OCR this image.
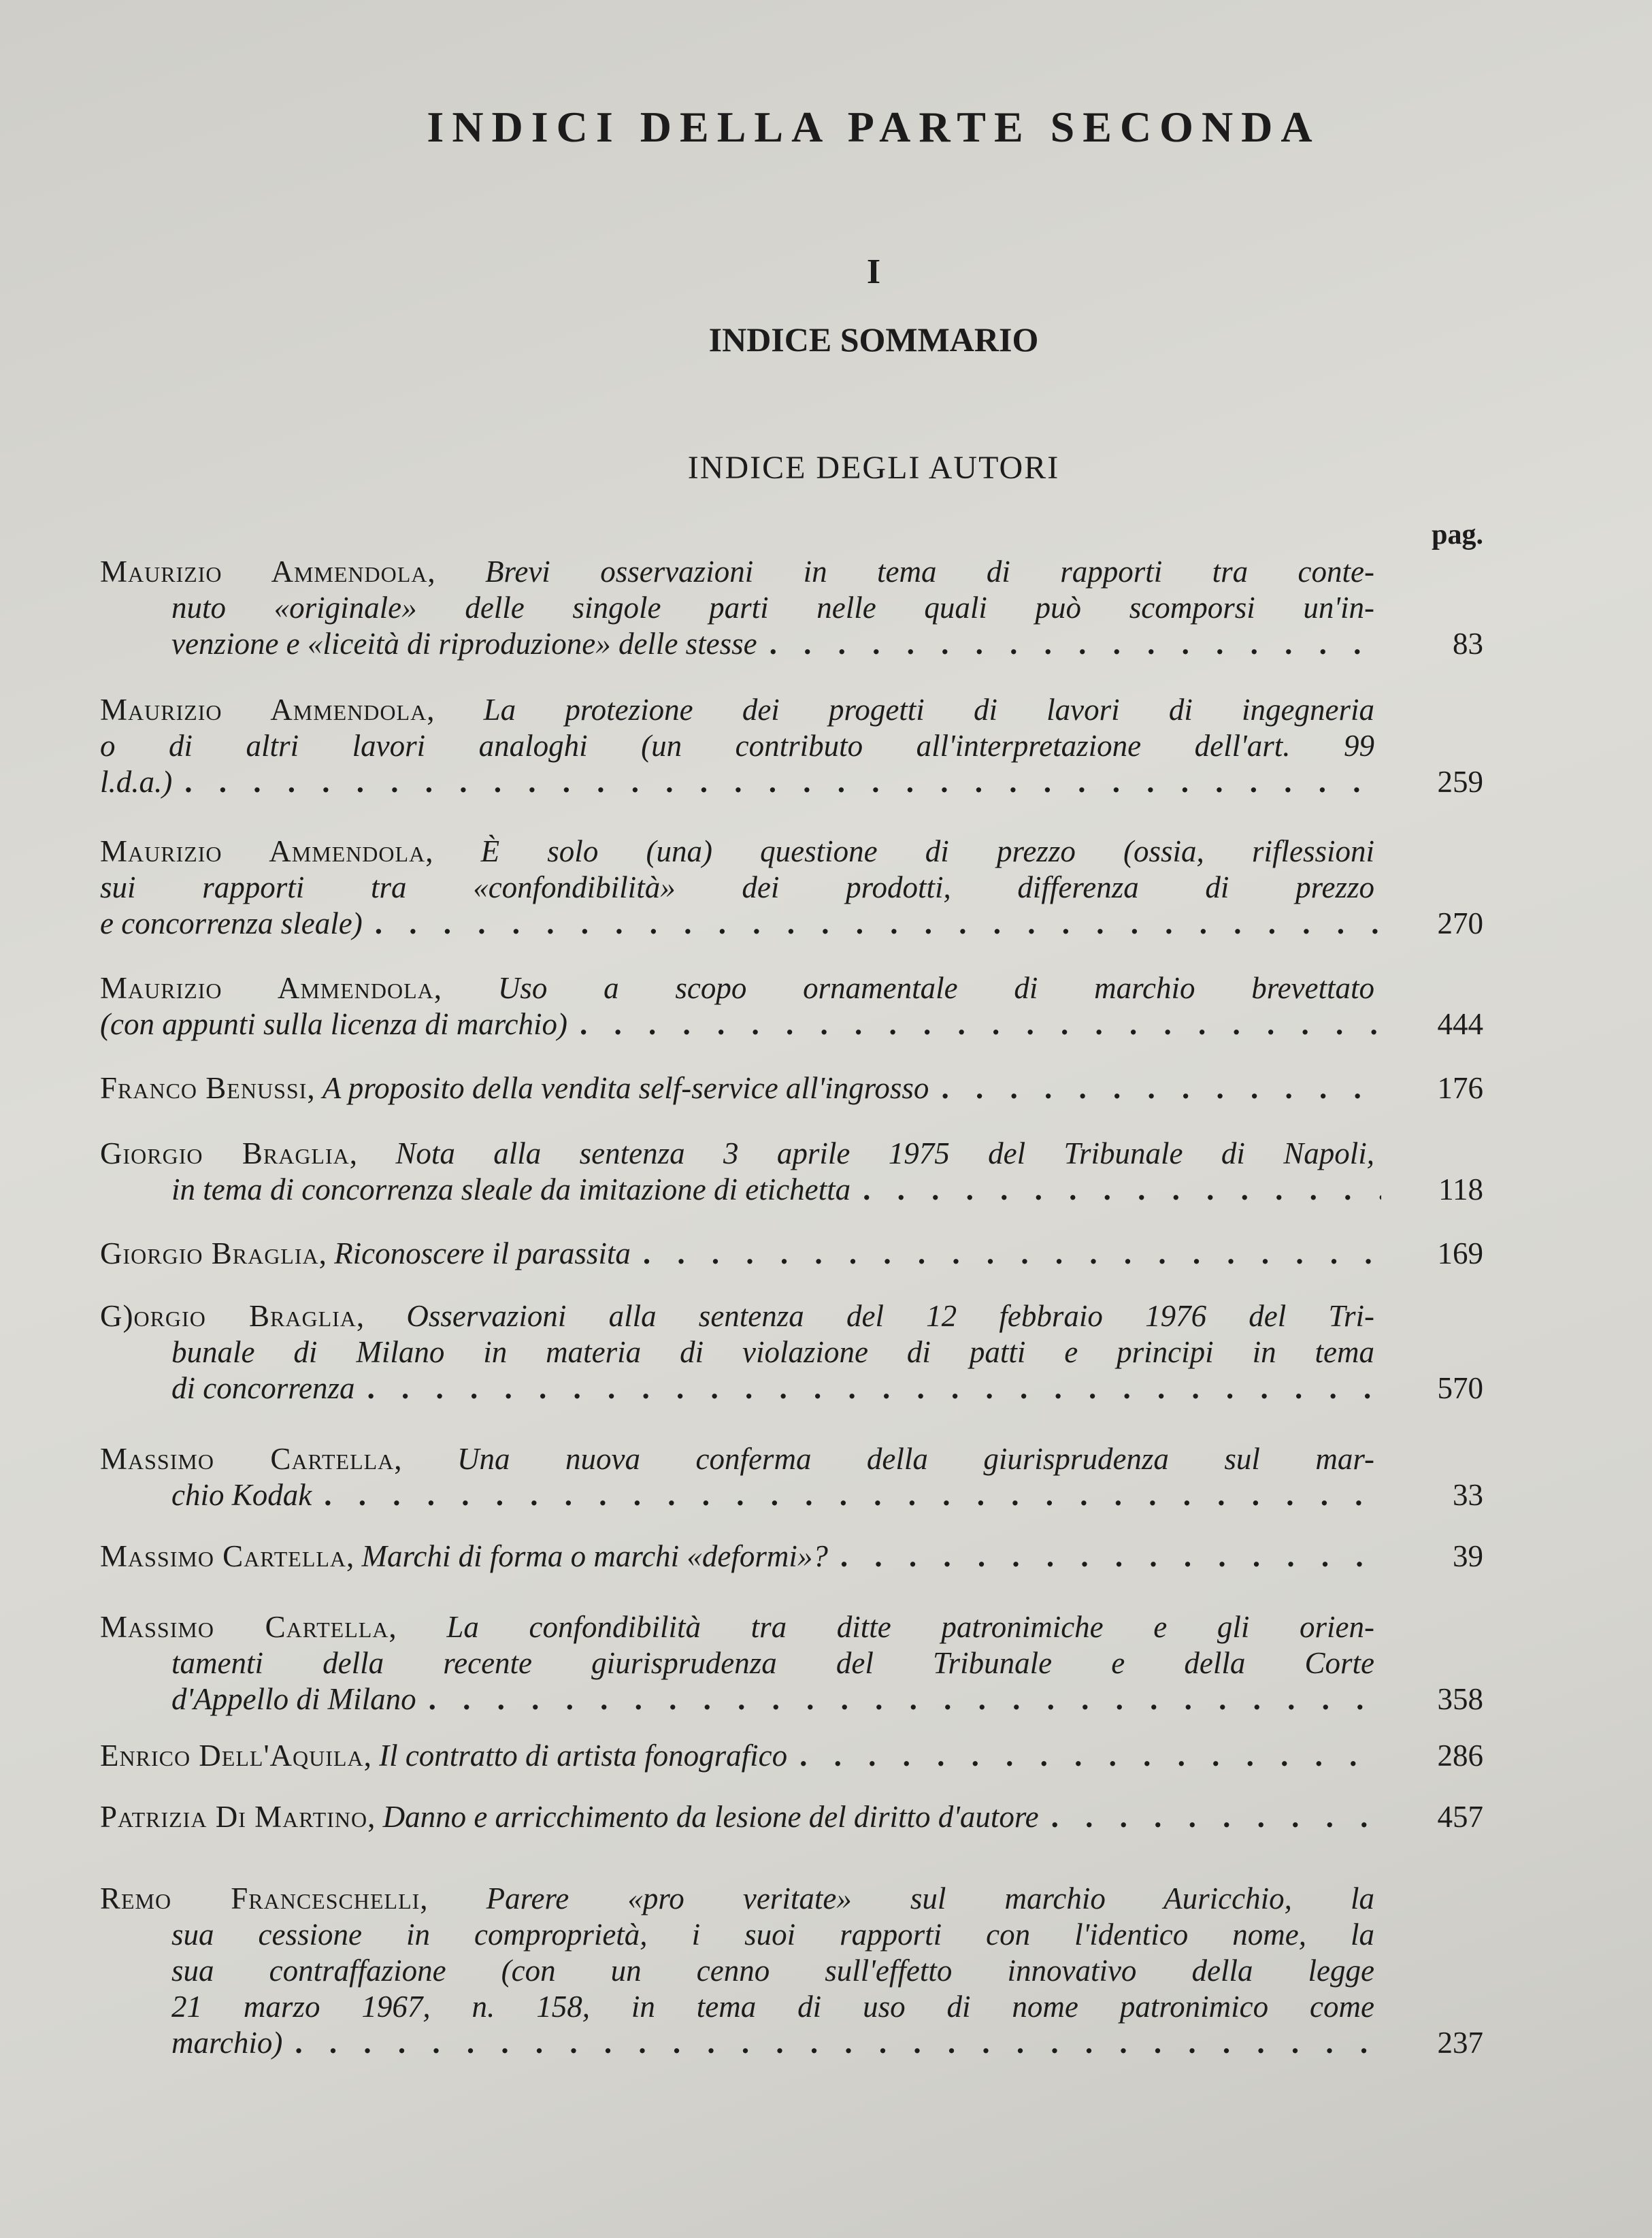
INDICI DELLA PARTE SECONDA
I
INDICE SOMMARIO
INDICE DEGLI AUTORI
pag.
Maurizio Ammendola, Brevi osservazioni in tema di rapporti tra conte-
nuto «originale» delle singole parti nelle quali può scomporsi un'in-
venzione e «liceità di riproduzione» delle stesse . . .	83
Maurizio Ammendola, La protezione dei progetti di lavori di ingegneria
o di altri lavori analoghi (un contributo all'interpretazione dell'art. 99
l.d.a.) . . .	259
Maurizio Ammendola, È solo (una) questione di prezzo (ossia, riflessioni
sui rapporti tra «confondibilità» dei prodotti, differenza di prezzo
e concorrenza sleale) . . .	270
Maurizio Ammendola, Uso a scopo ornamentale di marchio brevettato
(con appunti sulla licenza di marchio) . . .	444
Franco Benussi, A proposito della vendita self-service all'ingrosso . . .	176
Giorgio Braglia, Nota alla sentenza 3 aprile 1975 del Tribunale di Napoli,
in tema di concorrenza sleale da imitazione di etichetta . . .	118
Giorgio Braglia, Riconoscere il parassita . . .	169
G)orgio Braglia, Osservazioni alla sentenza del 12 febbraio 1976 del Tri-
bunale di Milano in materia di violazione di patti e principi in tema
di concorrenza . . .	570
Massimo Cartella, Una nuova conferma della giurisprudenza sul mar-
chio Kodak . . .	33
Massimo Cartella, Marchi di forma o marchi «deformi»? . . .	39
Massimo Cartella, La confondibilità tra ditte patronimiche e gli orien-
tamenti della recente giurisprudenza del Tribunale e della Corte
d'Appello di Milano . . .	358
Enrico Dell'Aquila, Il contratto di artista fonografico . . .	286
Patrizia Di Martino, Danno e arricchimento da lesione del diritto d'autore . . .	457
Remo Franceschelli, Parere «pro veritate» sul marchio Auricchio, la
sua cessione in comproprietà, i suoi rapporti con l'identico nome, la
sua contraffazione (con un cenno sull'effetto innovativo della legge
21 marzo 1967, n. 158, in tema di uso di nome patronimico come
marchio) . . .	237
